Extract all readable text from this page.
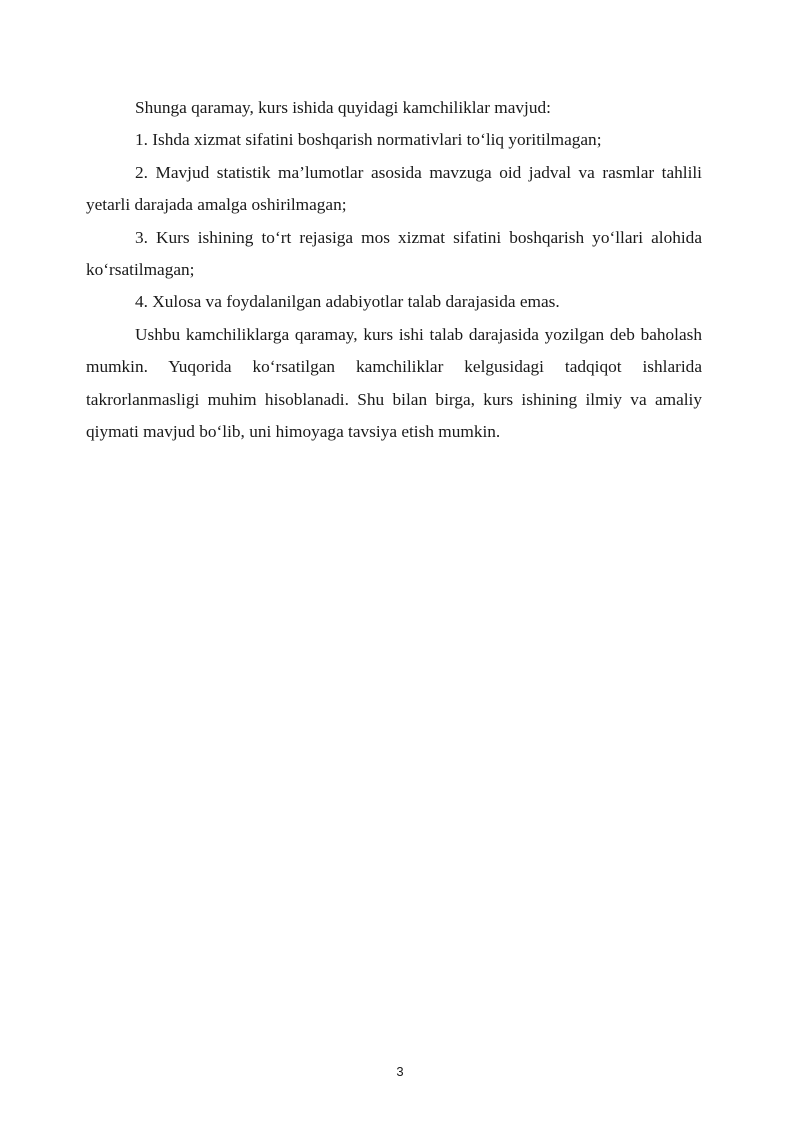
Shunga qaramay, kurs ishida quyidagi kamchiliklar mavjud:

1. Ishda xizmat sifatini boshqarish normativlari to‘liq yoritilmagan;

2. Mavjud statistik ma’lumotlar asosida mavzuga oid jadval va rasmlar tahlili yetarli darajada amalga oshirilmagan;

3. Kurs ishining to‘rt rejasiga mos xizmat sifatini boshqarish yo‘llari alohida ko‘rsatilmagan;

4. Xulosa va foydalanilgan adabiyotlar talab darajasida emas.

Ushbu kamchiliklarga qaramay, kurs ishi talab darajasida yozilgan deb baholash mumkin. Yuqorida ko‘rsatilgan kamchiliklar kelgusidagi tadqiqot ishlarida takrorlanmasligi muhim hisoblanadi. Shu bilan birga, kurs ishining ilmiy va amaliy qiymati mavjud bo‘lib, uni himoyaga tavsiya etish mumkin.

3
